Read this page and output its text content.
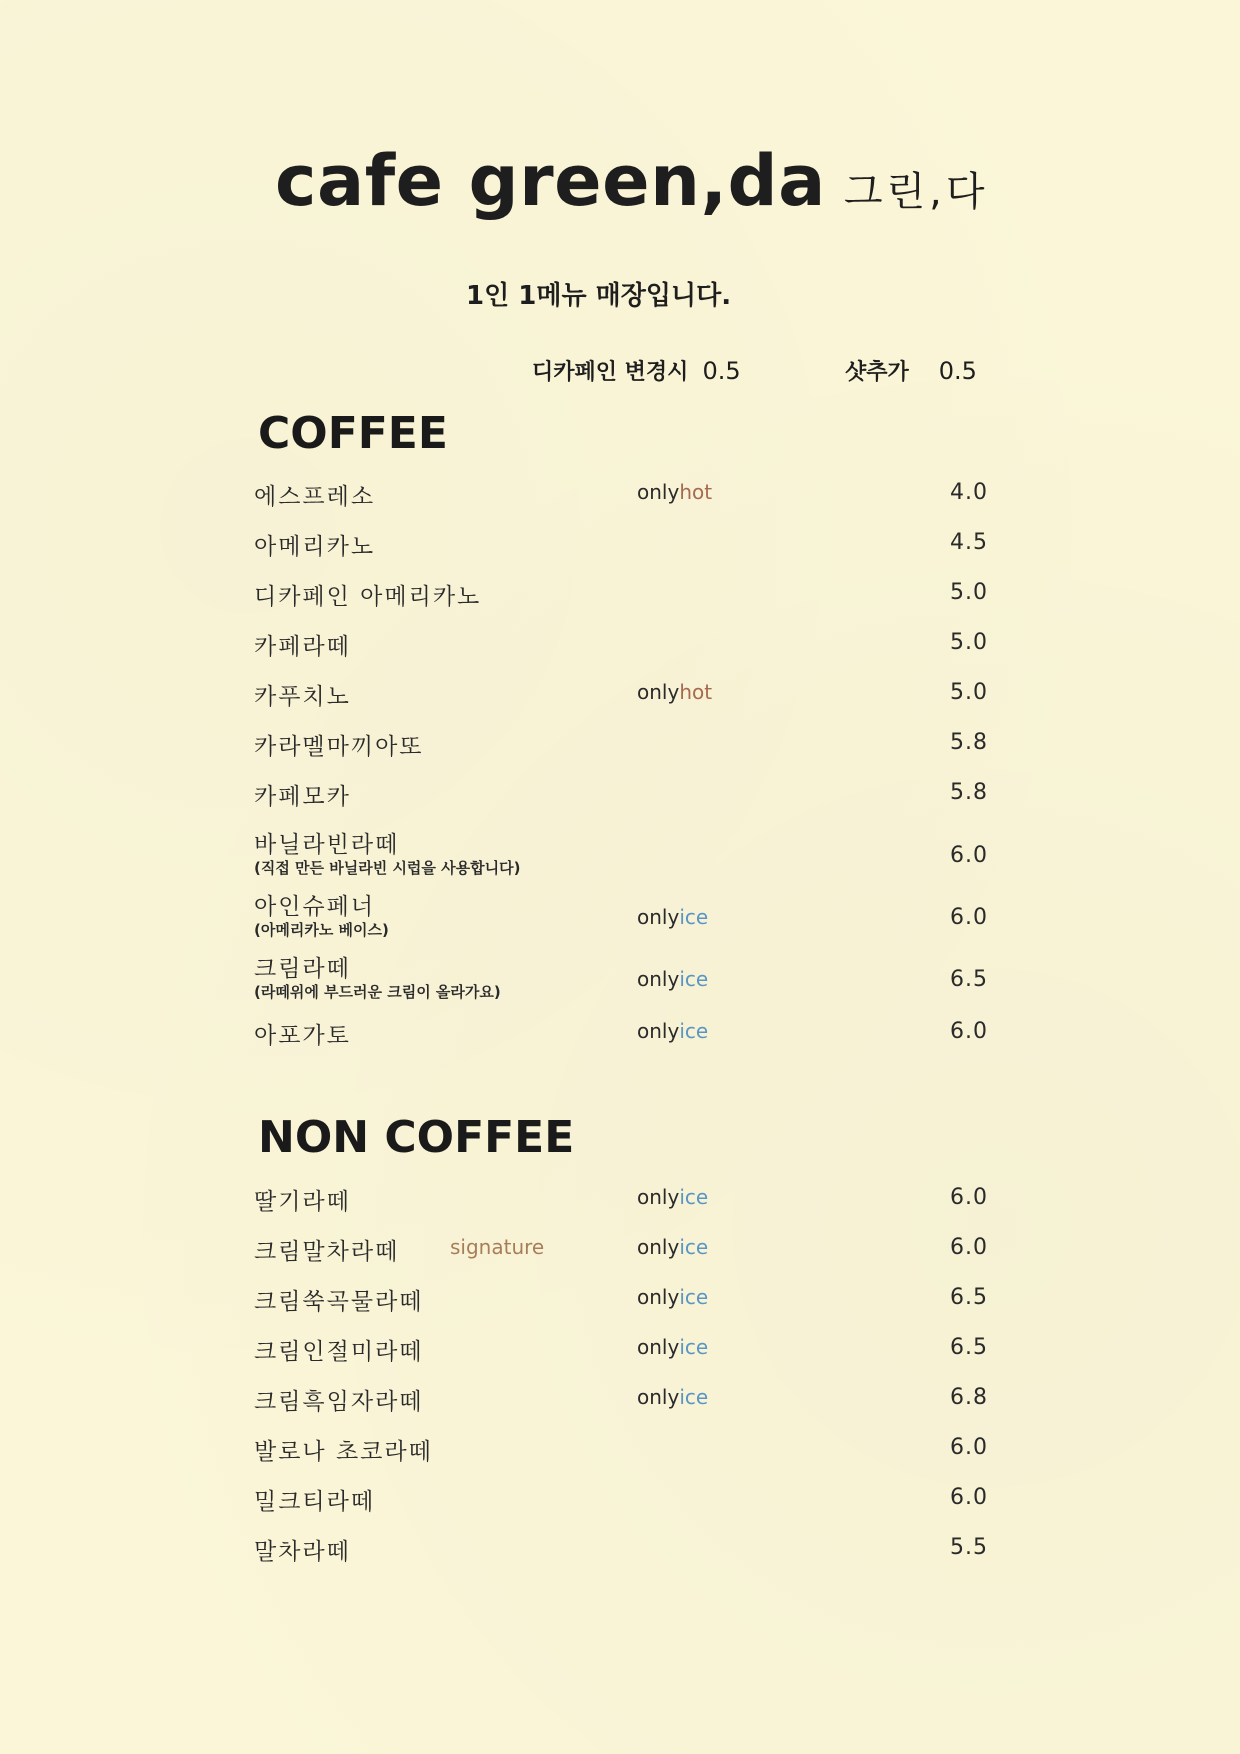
cafe green,da 그린,다
1인 1메뉴 매장입니다.
디카페인 변경시 0.5	샷추가 0.5
COFFEE
에스프레소	onlyhot	4.0
아메리카노	4.5
디카페인 아메리카노	5.0
카페라떼	5.0
카푸치노	onlyhot	5.0
카라멜마끼아또	5.8
카페모카	5.8
바닐라빈라떼
(직접 만든 바닐라빈 시럽을 사용합니다)	6.0
아인슈페너
(아메리카노 베이스)
onlyice	6.0
크림라떼
(라떼위에 부드러운 크림이 올라가요)
onlyice	6.5
아포가토	onlyice	6.0
NON COFFEE
딸기라떼	onlyice	6.0
크림말차라떼	signature	onlyice	6.0
크림쑥곡물라떼	onlyice	6.5
크림인절미라떼	onlyice	6.5
크림흑임자라떼	onlyice	6.8
발로나 초코라떼	6.0
밀크티라떼	6.0
말차라떼	5.5
